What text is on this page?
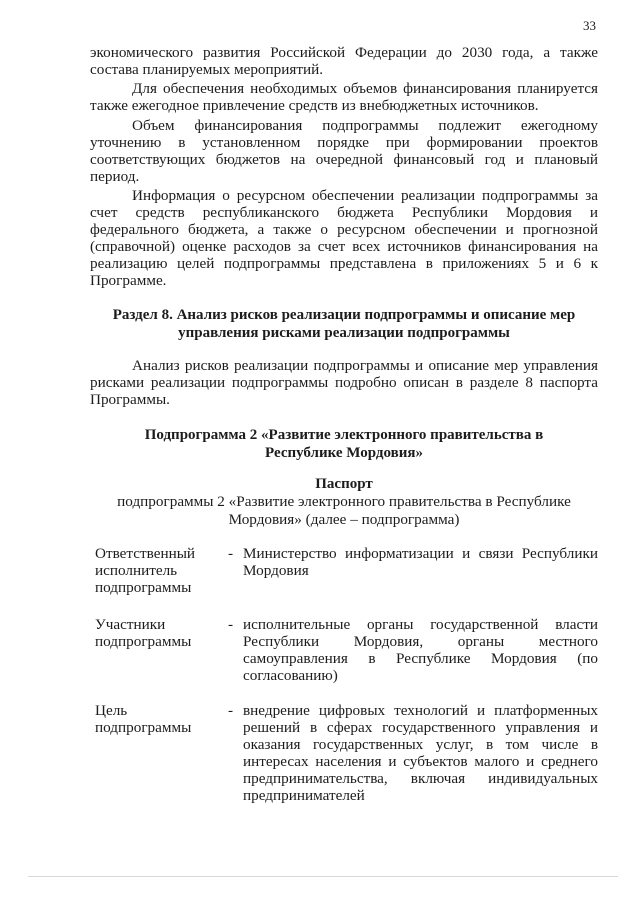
33

экономического развития Российской Федерации до 2030 года, а также состава планируемых мероприятий.

Для обеспечения необходимых объемов финансирования планируется также ежегодное привлечение средств из внебюджетных источников.

Объем финансирования подпрограммы подлежит ежегодному уточнению в установленном порядке при формировании проектов соответствующих бюджетов на очередной финансовый год и плановый период.

Информация о ресурсном обеспечении реализации подпрограммы за счет средств республиканского бюджета Республики Мордовия и федерального бюджета, а также о ресурсном обеспечении и прогнозной (справочной) оценке расходов за счет всех источников финансирования на реализацию целей подпрограммы представлена в приложениях 5 и 6 к Программе.

Раздел 8. Анализ рисков реализации подпрограммы и описание мер
управления рисками реализации подпрограммы

Анализ рисков реализации подпрограммы и описание мер управления рисками реализации подпрограммы подробно описан в разделе 8 паспорта Программы.

Подпрограмма 2 «Развитие электронного правительства в
Республике Мордовия»
Паспорт
подпрограммы 2 «Развитие электронного правительства в Республике
Мордовия» (далее – подпрограмма)
Ответственный исполнитель подпрограммы
- Министерство информатизации и связи Республики Мордовия
Участники подпрограммы
- исполнительные органы государственной власти Республики Мордовия, органы местного самоуправления в Республике Мордовия (по согласованию)
Цель подпрограммы
- внедрение цифровых технологий и платформенных решений в сферах государственного управления и оказания государственных услуг, в том числе в интересах населения и субъектов малого и среднего предпринимательства, включая индивидуальных предпринимателей
